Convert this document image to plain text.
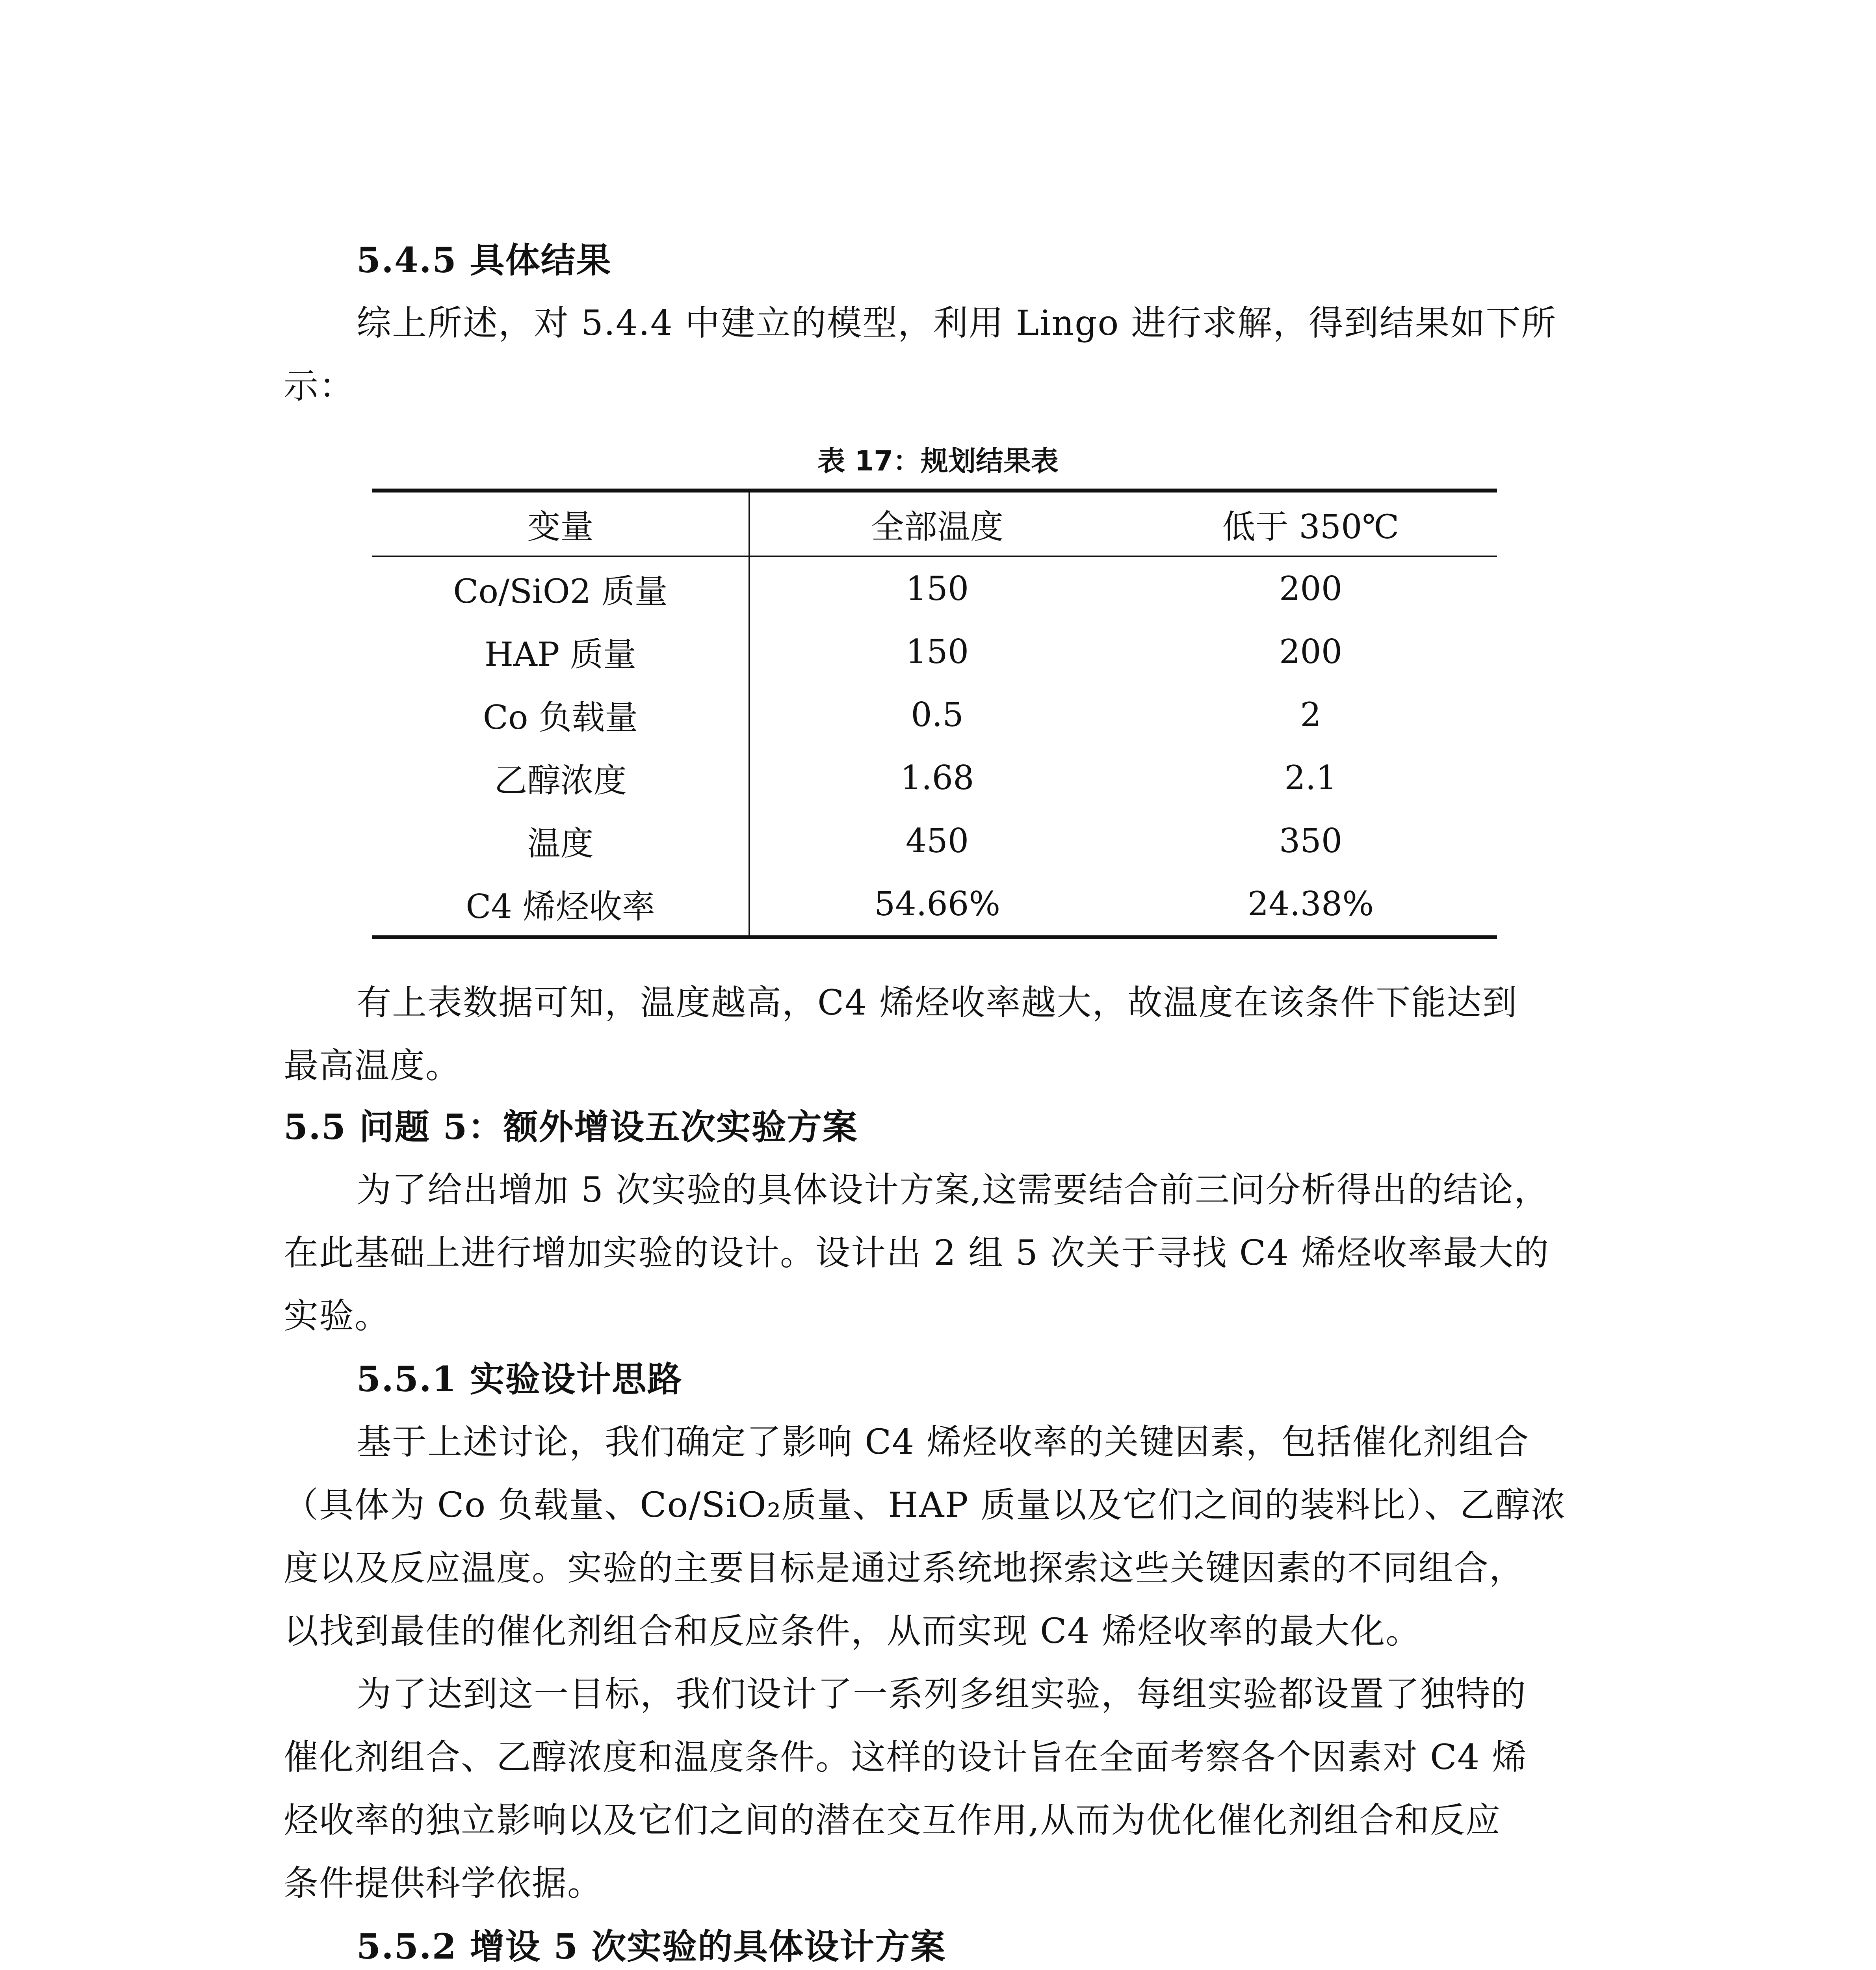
5.4.5 具体结果
综上所述，对 5.4.4 中建立的模型，利用 Lingo 进行求解，得到结果如下所
示：
表 17：规划结果表
变量	全部温度	低于 350℃
Co/SiO2 质量	150	200
HAP 质量	150	200
Co 负载量	0.5	2
乙醇浓度	1.68	2.1
温度	450	350
C4 烯烃收率	54.66%	24.38%
有上表数据可知，温度越高，C4 烯烃收率越大，故温度在该条件下能达到
最高温度。
5.5 问题 5：额外增设五次实验方案
为了给出增加 5 次实验的具体设计方案,这需要结合前三问分析得出的结论，
在此基础上进行增加实验的设计。设计出 2 组 5 次关于寻找 C4 烯烃收率最大的
实验。
5.5.1 实验设计思路
基于上述讨论，我们确定了影响 C4 烯烃收率的关键因素，包括催化剂组合
（具体为 Co 负载量、Co/SiO₂质量、HAP 质量以及它们之间的装料比）、乙醇浓
度以及反应温度。实验的主要目标是通过系统地探索这些关键因素的不同组合，
以找到最佳的催化剂组合和反应条件，从而实现 C4 烯烃收率的最大化。
为了达到这一目标，我们设计了一系列多组实验，每组实验都设置了独特的
催化剂组合、乙醇浓度和温度条件。这样的设计旨在全面考察各个因素对 C4 烯
烃收率的独立影响以及它们之间的潜在交互作用,从而为优化催化剂组合和反应
条件提供科学依据。
5.5.2 增设 5 次实验的具体设计方案
